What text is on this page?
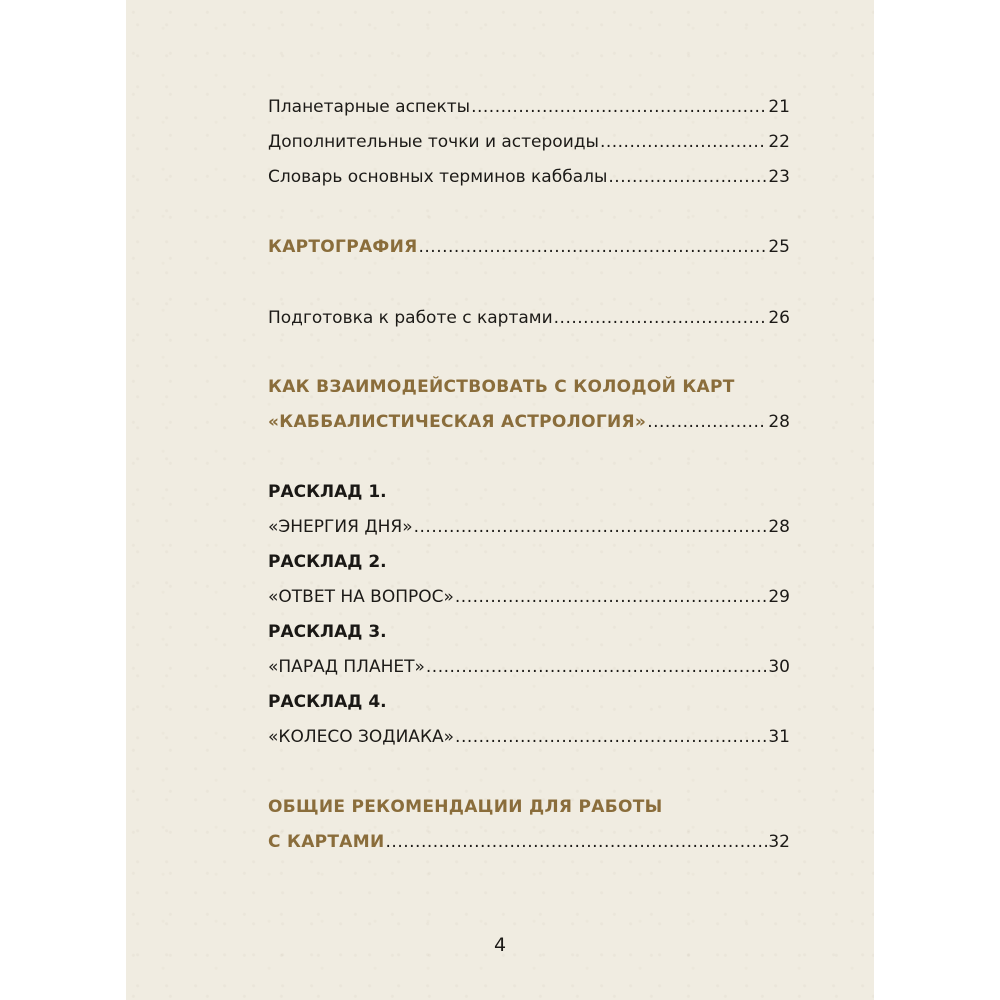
Планетарные аспекты .....	21
Дополнительные точки и астероиды .....	22
Словарь основных терминов каббалы .....	23
КАРТОГРАФИЯ .....	25
Подготовка к работе с картами .....	26
КАК ВЗАИМОДЕЙСТВОВАТЬ С КОЛОДОЙ КАРТ
«КАББАЛИСТИЧЕСКАЯ АСТРОЛОГИЯ» .....	28
РАСКЛАД 1.
«ЭНЕРГИЯ ДНЯ» .....	28
РАСКЛАД 2.
«ОТВЕТ НА ВОПРОС» .....	29
РАСКЛАД 3.
«ПАРАД ПЛАНЕТ» .....	30
РАСКЛАД 4.
«КОЛЕСО ЗОДИАКА» .....	31
ОБЩИЕ РЕКОМЕНДАЦИИ ДЛЯ РАБОТЫ
С КАРТАМИ .....	32
4
